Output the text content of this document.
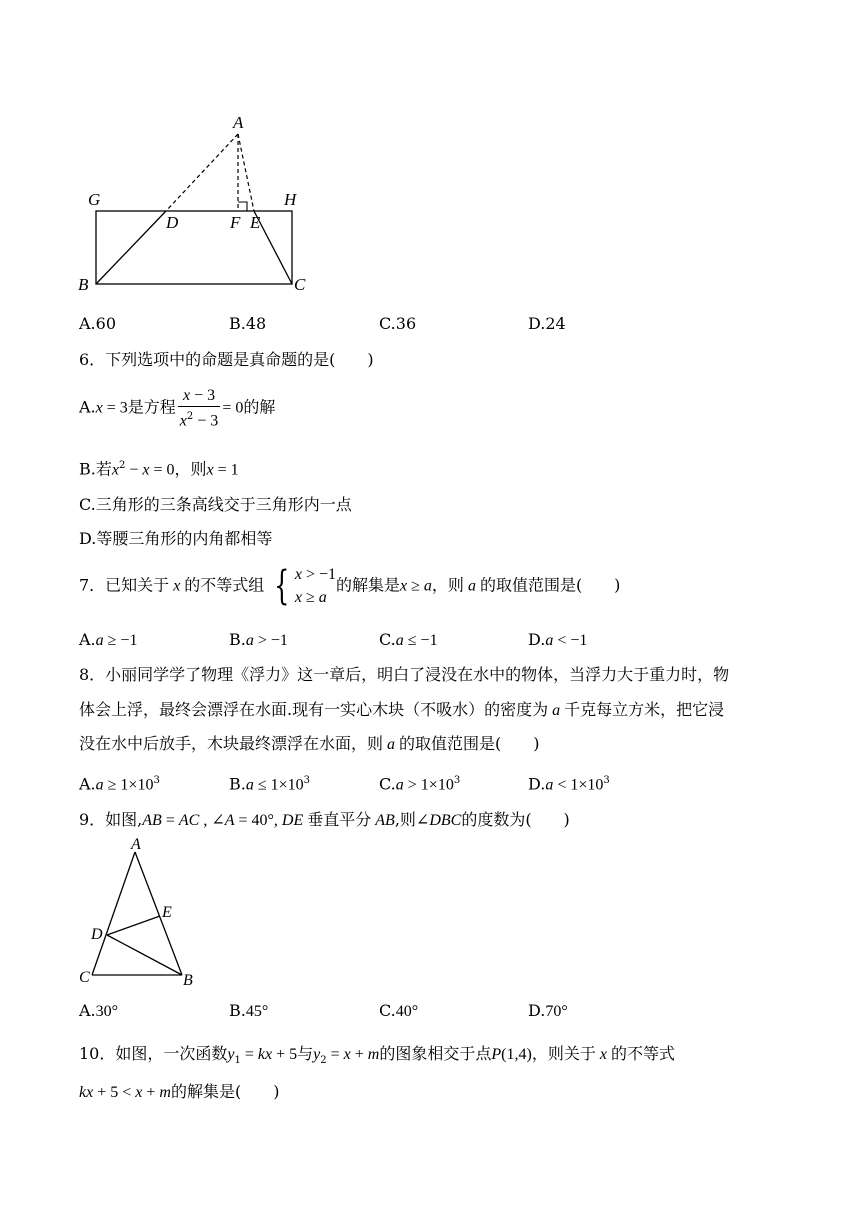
A
G	H
D	F E
B	C
A.60	B.48	C.36	D.24
6．下列选项中的命题是真命题的是(　　)
A.x = 3是方程 $\frac{x - 3}{x^2 - 3} = 0$的解
B.若$x^2 - x = 0$，则x = 1
C.三角形的三条高线交于三角形内一点
D.等腰三角形的内角都相等
7．已知关于 x 的不等式组 { x > −1
x ≥ a的解集是x ≥ a，则 a 的取值范围是(　　)
A.a ≥ −1	B.a > −1	C.a ≤ −1	D.a < −1
8．小丽同学学了物理《浮力》这一章后，明白了浸没在水中的物体，当浮力大于重力时，物
体会上浮，最终会漂浮在水面.现有一实心木块（不吸水）的密度为 a 千克每立方米，把它浸
没在水中后放手，木块最终漂浮在水面，则 a 的取值范围是(　　)
$A.a \ge 1\times 10^3$	$B.a \le 1\times 10^3$	$C.a > 1\times 10^3$	$D.a < 1\times 10^3$
9．如图,AB = AC , ∠A = 40°, DE 垂直平分 AB,则∠DBC的度数为(　　)
A
E
D
C	B
A.30°	B.45°	C.40°	D.70°
10．如图，一次函数$y_1$ = kx + 5与$y_2 = x + m$的图象相交于点P(1,4)，则关于 x 的不等式
kx + 5 < x + m的解集是(　　)
